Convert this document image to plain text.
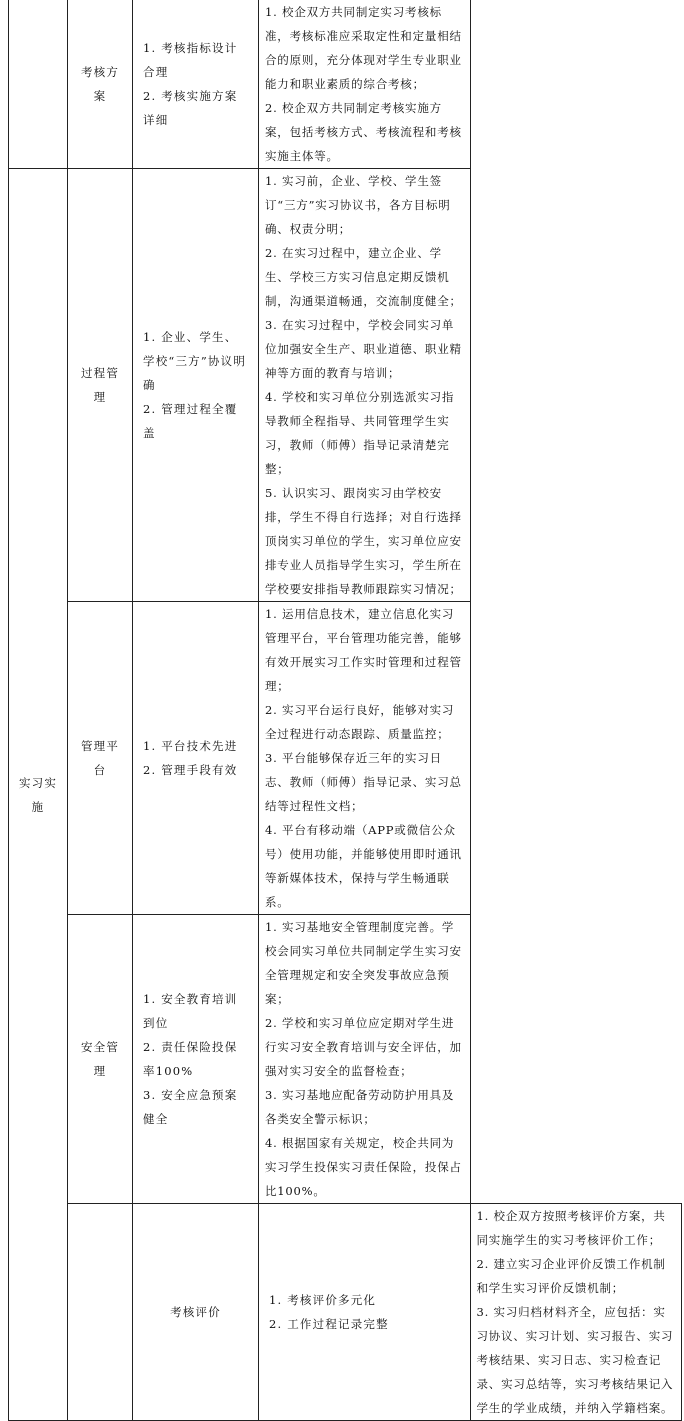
	考核方案	1. 考核指标设计合理
2. 考核实施方案详细	1. 校企双方共同制定实习考核标准，考核标准应采取定性和定量相结合的原则，充分体现对学生专业职业能力和职业素质的综合考核；
2. 校企双方共同制定考核实施方案，包括考核方式、考核流程和考核实施主体等。	

实习实施	过程管理	1. 企业、学生、学校“三方”协议明确
2. 管理过程全覆盖	1. 实习前，企业、学校、学生签订“三方”实习协议书，各方目标明确、权责分明；
2. 在实习过程中，建立企业、学生、学校三方实习信息定期反馈机制，沟通渠道畅通，交流制度健全；
3. 在实习过程中，学校会同实习单位加强安全生产、职业道德、职业精神等方面的教育与培训；
4. 学校和实习单位分别选派实习指导教师全程指导、共同管理学生实习，教师（师傅）指导记录清楚完整；
5. 认识实习、跟岗实习由学校安排，学生不得自行选择；对自行选择顶岗实习单位的学生，实习单位应安排专业人员指导学生实习，学生所在学校要安排指导教师跟踪实习情况；	

	管理平台	1. 平台技术先进
2. 管理手段有效	1. 运用信息技术，建立信息化实习管理平台，平台管理功能完善，能够有效开展实习工作实时管理和过程管理；
2. 实习平台运行良好，能够对实习全过程进行动态跟踪、质量监控；
3. 平台能够保存近三年的实习日志、教师（师傅）指导记录、实习总结等过程性文档；
4. 平台有移动端（APP或微信公众号）使用功能，并能够使用即时通讯等新媒体技术，保持与学生畅通联系。	

	安全管理	1. 安全教育培训到位
2. 责任保险投保率100%
3. 安全应急预案健全	1. 实习基地安全管理制度完善。学校会同实习单位共同制定学生实习安全管理规定和安全突发事故应急预案；
2. 学校和实习单位应定期对学生进行实习安全教育培训与安全评估，加强对实习安全的监督检查；
3. 实习基地应配备劳动防护用具及各类安全警示标识；
4. 根据国家有关规定，校企共同为实习学生投保实习责任保险，投保占比100%。	

		考核评价	1. 考核评价多元化
2. 工作过程记录完整	1. 校企双方按照考核评价方案，共同实施学生的实习考核评价工作；
2. 建立实习企业评价反馈工作机制和学生实习评价反馈机制；
3. 实习归档材料齐全，应包括：实习协议、实习计划、实习报告、实习考核结果、实习日志、实习检查记录、实习总结等，实习考核结果记入学生的学业成绩，并纳入学籍档案。
